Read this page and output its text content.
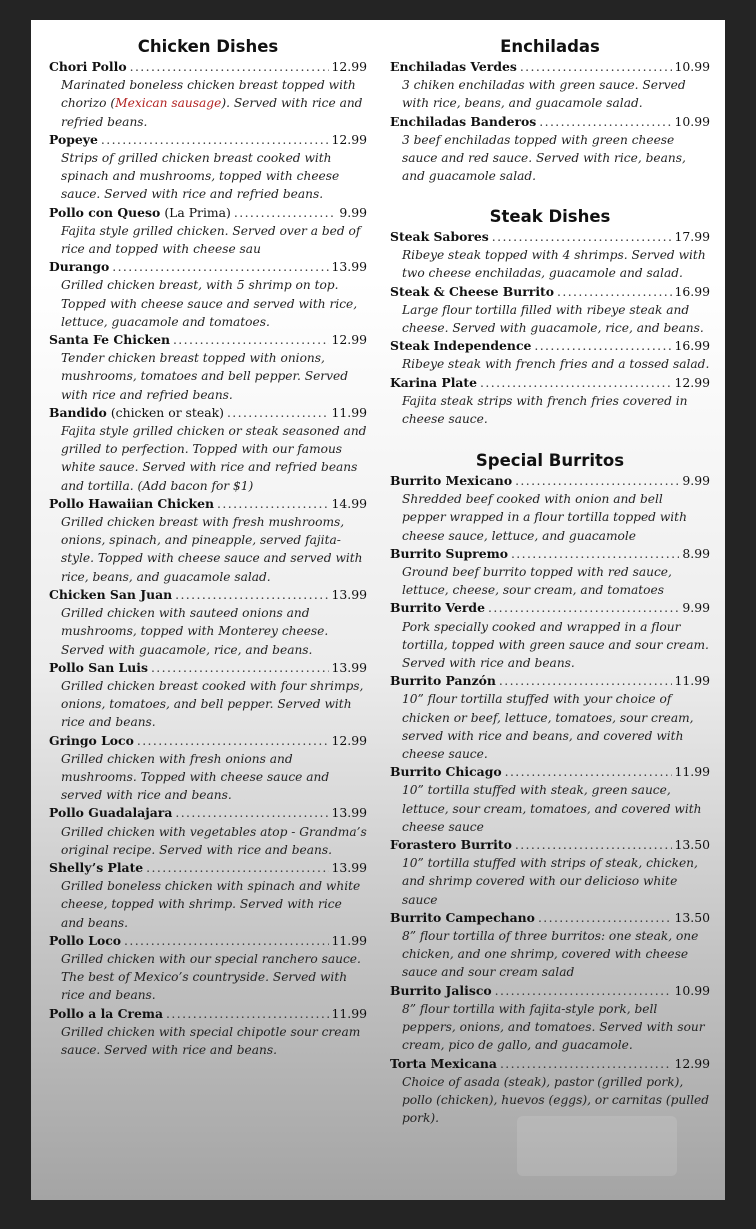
Chicken Dishes
Chori Pollo .....	12.99
Marinated boneless chicken breast topped with chorizo (Mexican sausage). Served with rice and refried beans.
Popeye .....	12.99
Strips of grilled chicken breast cooked with spinach and mushrooms, topped with cheese sauce. Served with rice and refried beans.
Pollo con Queso (La Prima) .....	9.99
Fajita style grilled chicken. Served over a bed of rice and topped with cheese sau
Durango .....	13.99
Grilled chicken breast, with 5 shrimp on top. Topped with cheese sauce and served with rice, lettuce, guacamole and tomatoes.
Santa Fe Chicken .....	12.99
Tender chicken breast topped with onions, mushrooms, tomatoes and bell pepper. Served with rice and refried beans.
Bandido (chicken or steak) .....	11.99
Fajita style grilled chicken or steak seasoned and grilled to perfection. Topped with our famous white sauce. Served with rice and refried beans and tortilla. (Add bacon for $1)
Pollo Hawaiian Chicken .....	14.99
Grilled chicken breast with fresh mushrooms, onions, spinach, and pineapple, served fajita-style. Topped with cheese sauce and served with rice, beans, and guacamole salad.
Chicken San Juan .....	13.99
Grilled chicken with sauteed onions and mushrooms, topped with Monterey cheese. Served with guacamole, rice, and beans.
Pollo San Luis .....	13.99
Grilled chicken breast cooked with four shrimps, onions, tomatoes, and bell pepper. Served with rice and beans.
Gringo Loco .....	12.99
Grilled chicken with fresh onions and mushrooms. Topped with cheese sauce and served with rice and beans.
Pollo Guadalajara .....	13.99
Grilled chicken with vegetables atop - Grandma’s original recipe. Served with rice and beans.
Shelly’s Plate .....	13.99
Grilled boneless chicken with spinach and white cheese, topped with shrimp. Served with rice and beans.
Pollo Loco .....	11.99
Grilled chicken with our special ranchero sauce. The best of Mexico’s countryside. Served with rice and beans.
Pollo a la Crema .....	11.99
Grilled chicken with special chipotle sour cream sauce. Served with rice and beans.
Enchiladas
Enchiladas Verdes .....	10.99
3 chiken enchiladas with green sauce. Served with rice, beans, and guacamole salad.
Enchiladas Banderos .....	10.99
3 beef enchiladas topped with green cheese sauce and red sauce. Served with rice, beans, and guacamole salad.
Steak Dishes
Steak Sabores .....	17.99
Ribeye steak topped with 4 shrimps. Served with two cheese enchiladas, guacamole and salad.
Steak & Cheese Burrito .....	16.99
Large flour tortilla filled with ribeye steak and cheese. Served with guacamole, rice, and beans.
Steak Independence .....	16.99
Ribeye steak with french fries and a tossed salad.
Karina Plate .....	12.99
Fajita steak strips with french fries covered in cheese sauce.
Special Burritos
Burrito Mexicano .....	9.99
Shredded beef cooked with onion and bell pepper wrapped in a flour tortilla topped with cheese sauce, lettuce, and guacamole
Burrito Supremo .....	8.99
Ground beef burrito topped with red sauce, lettuce, cheese, sour cream, and tomatoes
Burrito Verde .....	9.99
Pork specially cooked and wrapped in a flour tortilla, topped with green sauce and sour cream. Served with rice and beans.
Burrito Panzón .....	11.99
10” flour tortilla stuffed with your choice of chicken or beef, lettuce, tomatoes, sour cream, served with rice and beans, and covered with cheese sauce.
Burrito Chicago .....	11.99
10” tortilla stuffed with steak, green sauce, lettuce, sour cream, tomatoes, and covered with cheese sauce
Forastero Burrito .....	13.50
10” tortilla stuffed with strips of steak, chicken, and shrimp covered with our delicioso white sauce
Burrito Campechano .....	13.50
8” flour tortilla of three burritos: one steak, one chicken, and one shrimp, covered with cheese sauce and sour cream salad
Burrito Jalisco .....	10.99
8” flour tortilla with fajita-style pork, bell peppers, onions, and tomatoes. Served with sour cream, pico de gallo, and guacamole.
Torta Mexicana .....	12.99
Choice of asada (steak), pastor (grilled pork), pollo (chicken), huevos (eggs), or carnitas (pulled pork).
